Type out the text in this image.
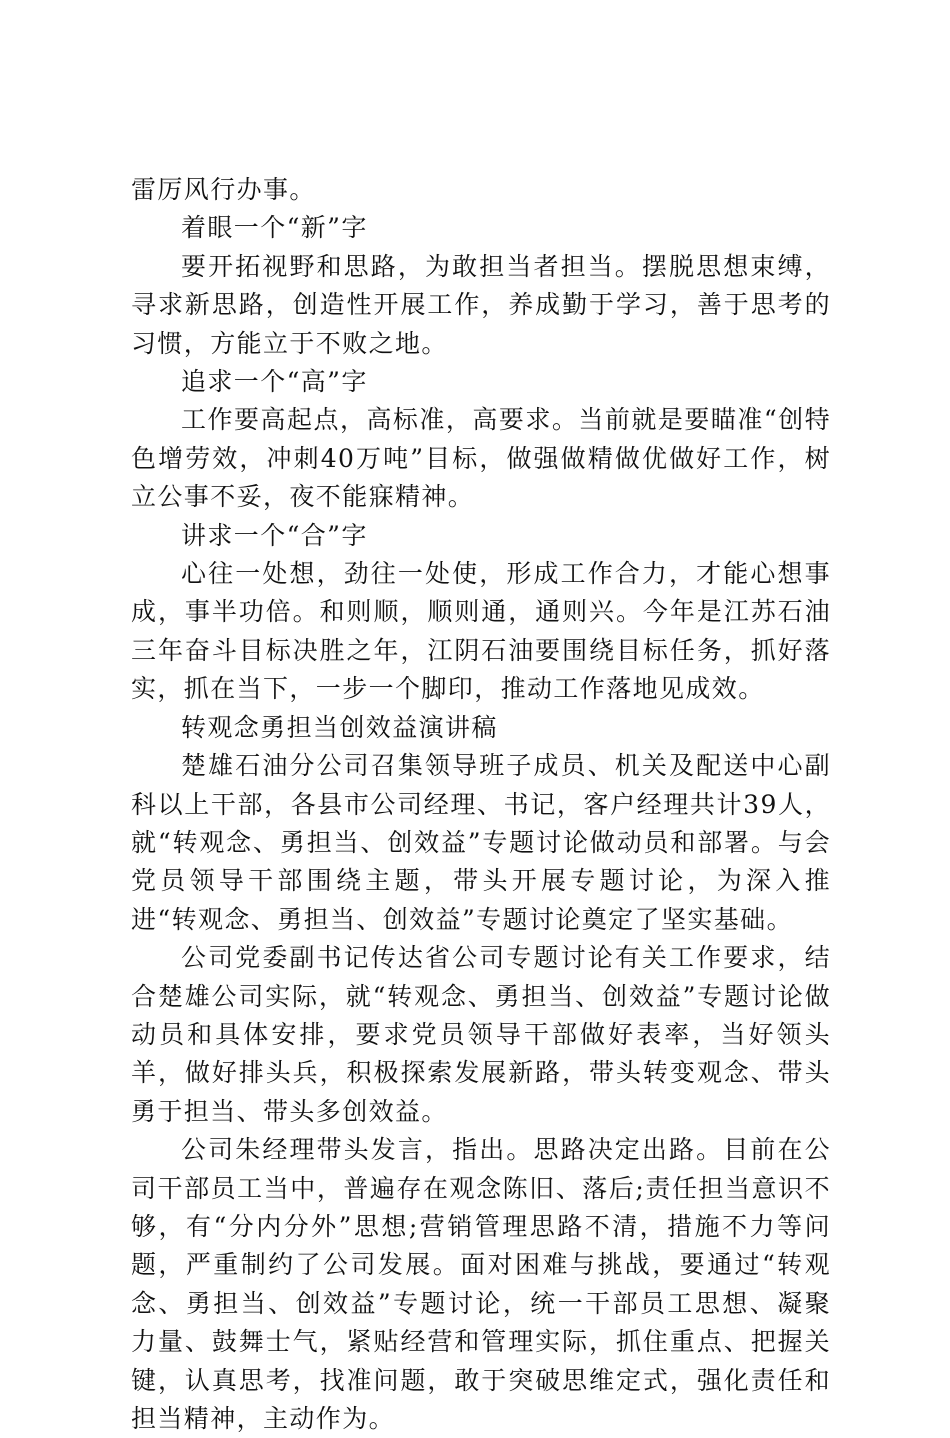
雷厉风行办事。

着眼一个“新”字

要开拓视野和思路，为敢担当者担当。摆脱思想束缚，寻求新思路，创造性开展工作，养成勤于学习，善于思考的习惯，方能立于不败之地。

追求一个“高”字

工作要高起点，高标准，高要求。当前就是要瞄准“创特色增劳效，冲刺40万吨”目标，做强做精做优做好工作，树立公事不妥，夜不能寐精神。

讲求一个“合”字

心往一处想，劲往一处使，形成工作合力，才能心想事成，事半功倍。和则顺，顺则通，通则兴。今年是江苏石油三年奋斗目标决胜之年，江阴石油要围绕目标任务，抓好落实，抓在当下，一步一个脚印，推动工作落地见成效。

转观念勇担当创效益演讲稿

楚雄石油分公司召集领导班子成员、机关及配送中心副科以上干部，各县市公司经理、书记，客户经理共计39人，就“转观念、勇担当、创效益”专题讨论做动员和部署。与会党员领导干部围绕主题，带头开展专题讨论，为深入推进“转观念、勇担当、创效益”专题讨论奠定了坚实基础。

公司党委副书记传达省公司专题讨论有关工作要求，结合楚雄公司实际，就“转观念、勇担当、创效益”专题讨论做动员和具体安排，要求党员领导干部做好表率，当好领头羊，做好排头兵，积极探索发展新路，带头转变观念、带头勇于担当、带头多创效益。

公司朱经理带头发言，指出。思路决定出路。目前在公司干部员工当中，普遍存在观念陈旧、落后;责任担当意识不够，有“分内分外”思想;营销管理思路不清，措施不力等问题，严重制约了公司发展。面对困难与挑战，要通过“转观念、勇担当、创效益”专题讨论，统一干部员工思想、凝聚力量、鼓舞士气，紧贴经营和管理实际，抓住重点、把握关键，认真思考，找准问题，敢于突破思维定式，强化责任和担当精神，主动作为。
